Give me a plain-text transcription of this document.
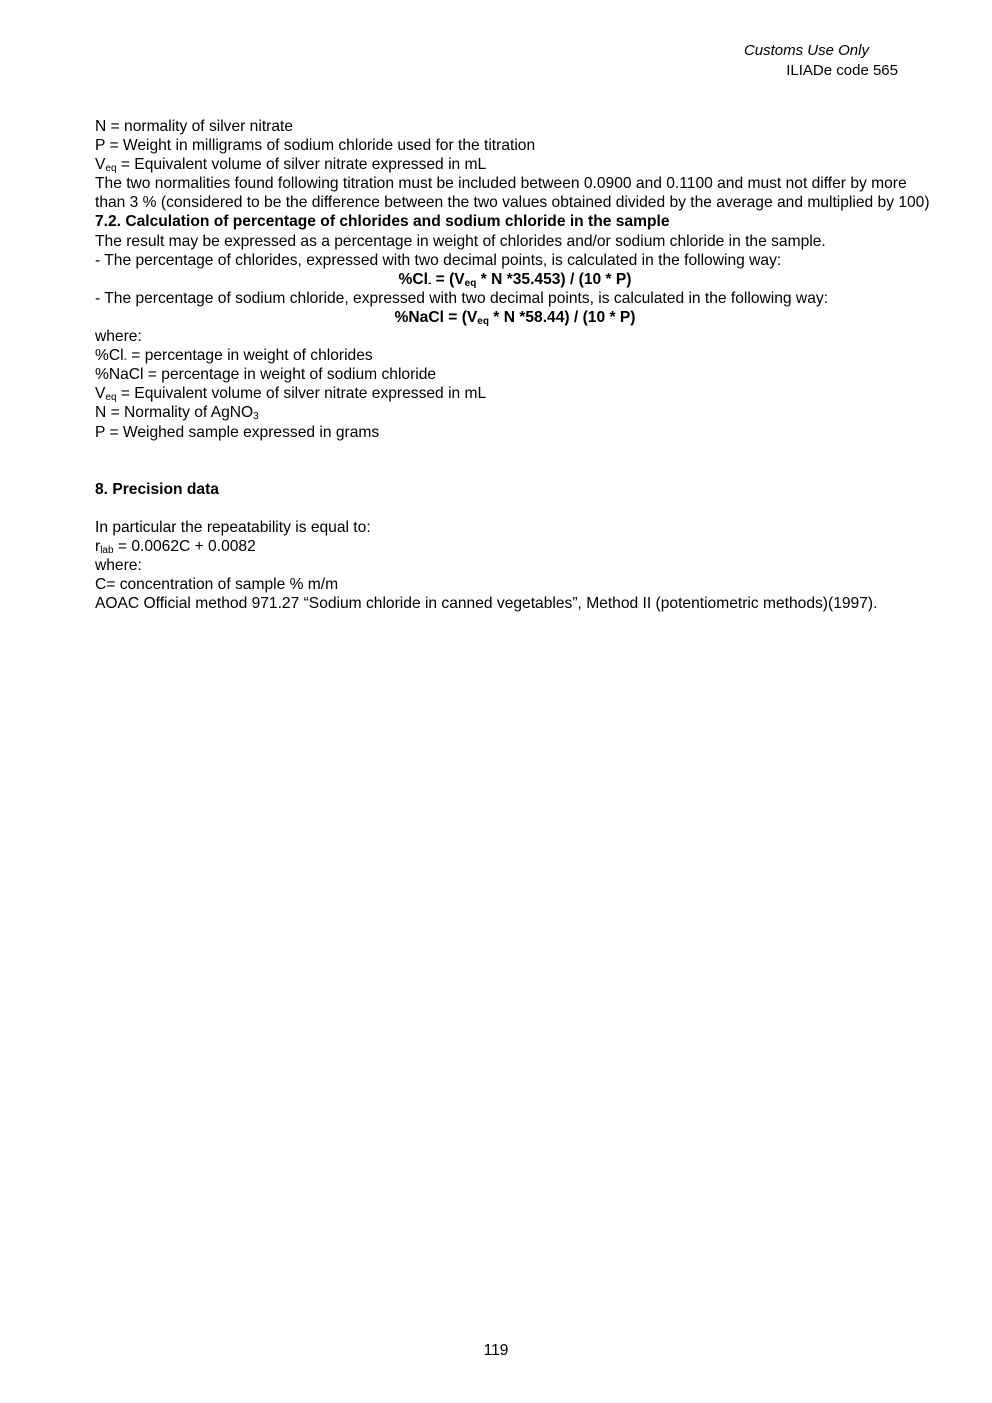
Customs Use Only
ILIADe code 565
N = normality of silver nitrate
P = Weight in milligrams of sodium chloride used for the titration
$V_{eq}$ = Equivalent volume of silver nitrate expressed in mL
The two normalities found following titration must be included between 0.0900 and 0.1100 and must not differ by more than 3 % (considered to be the difference between the two values obtained divided by the average and multiplied by 100)
7.2. Calculation of percentage of chlorides and sodium chloride in the sample
The result may be expressed as a percentage in weight of chlorides and/or sodium chloride in the sample.
- The percentage of chlorides, expressed with two decimal points, is calculated in the following way:
$\%Cl_- = (V_{eq} * N$ *35.453) / (10 * P)
- The percentage of sodium chloride, expressed with two decimal points, is calculated in the following way:
%NaCl = ($V_{eq}$ * N *58.44) / (10 * P)
where:
$\%Cl_-$ = percentage in weight of chlorides
%NaCl = percentage in weight of sodium chloride
$V_{eq}$ = Equivalent volume of silver nitrate expressed in mL
N = Normality of AgNO$_3$
P = Weighed sample expressed in grams
8. Precision data
In particular the repeatability is equal to:
$r_{lab} = 0.0062C + 0.0082$
where:
C= concentration of sample % m/m
AOAC Official method 971.27 “Sodium chloride in canned vegetables”, Method II (potentiometric methods)(1997).
119
